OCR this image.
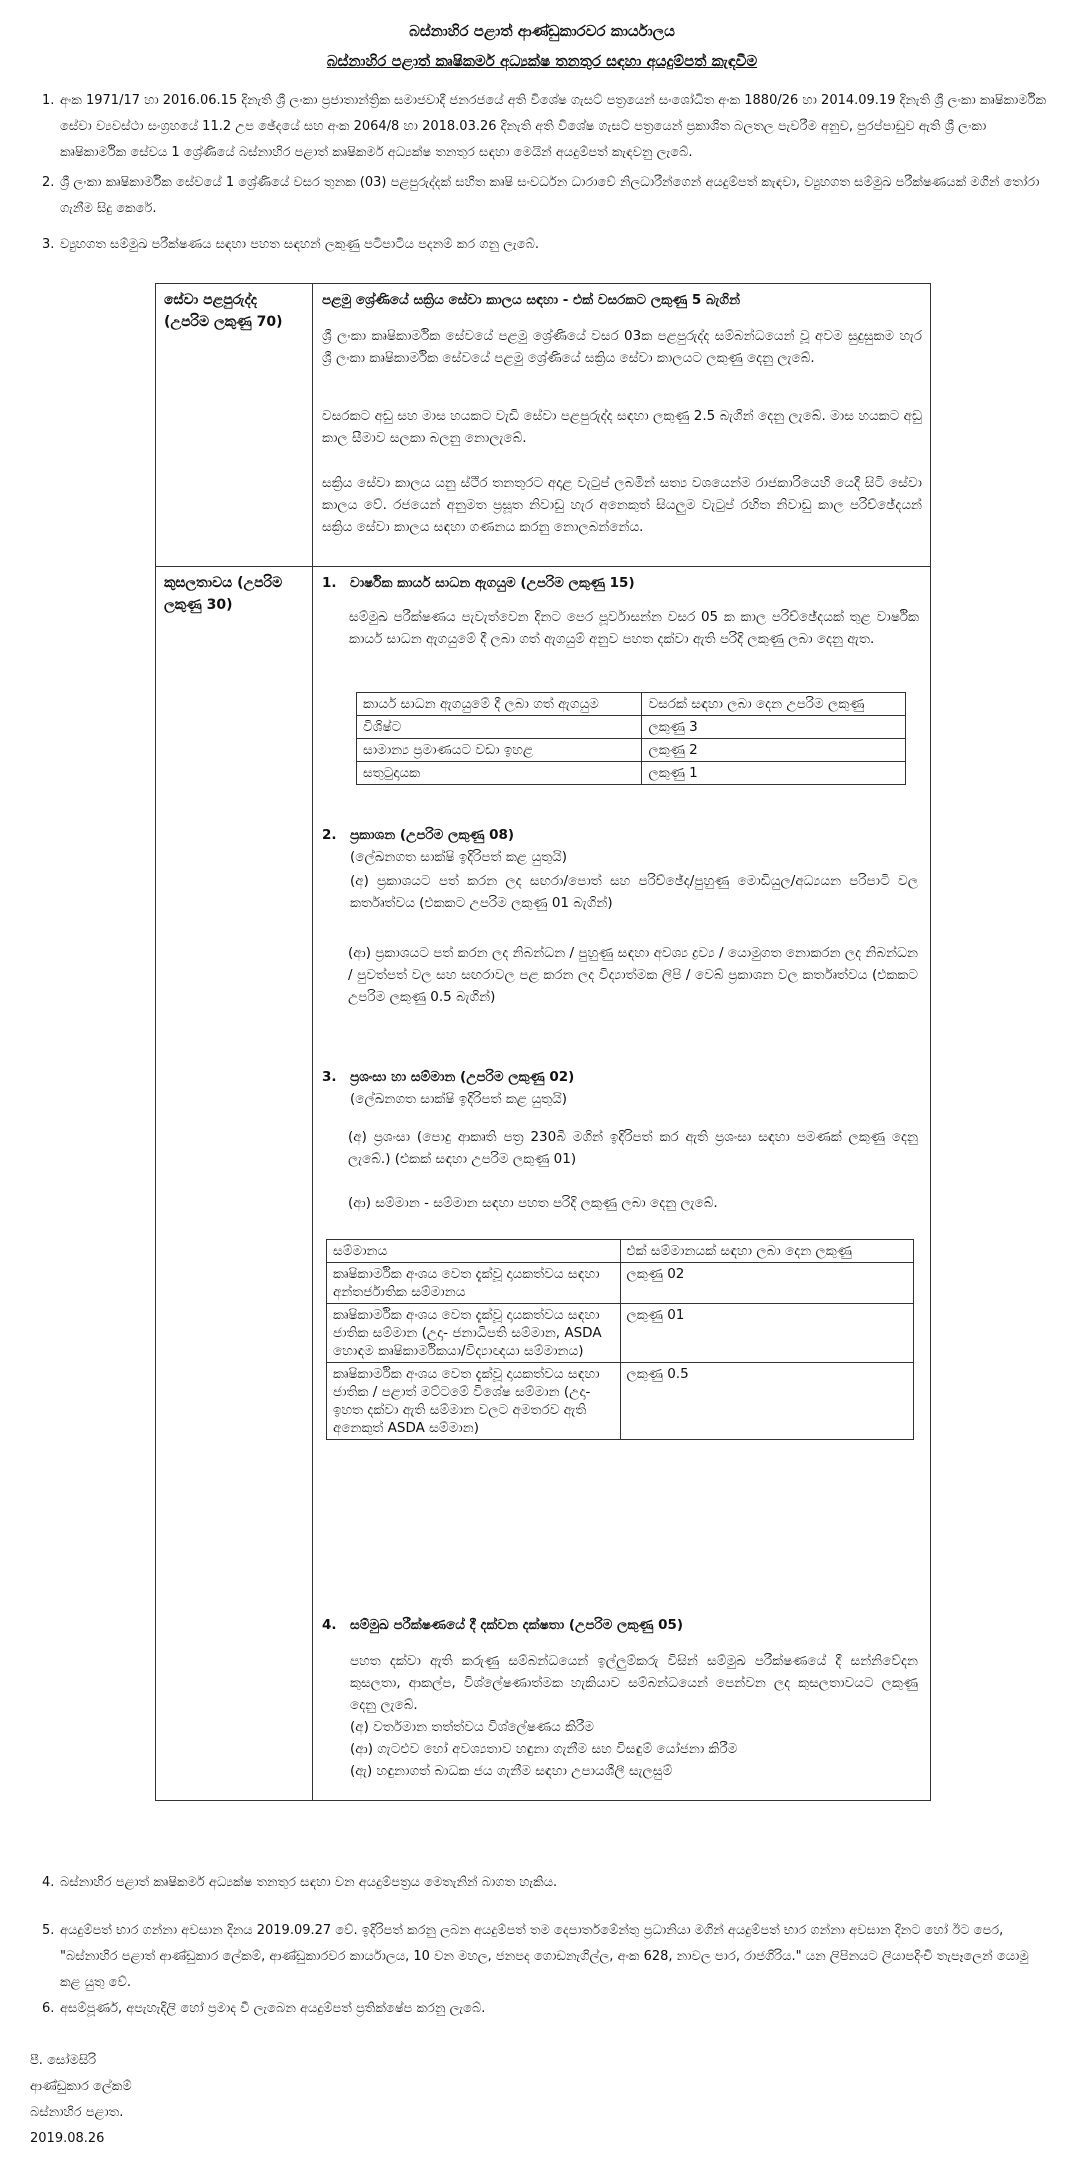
බස්නාහිර පළාත් ආණ්ඩුකාරවර කාර්යාලය
බස්නාහිර පළාත් කෘෂිකර්ම අධ්‍යක්ෂ තනතුර සඳහා අයදුම්පත් කැඳවීම
1. අංක 1971/17 හා 2016.06.15 දිනැති ශ්‍රී ලංකා ප්‍රජාතාන්ත්‍රික සමාජවාදී ජනරජයේ අති විශේෂ ගැසට් පත්‍රයෙන් සංශෝධිත අංක 1880/26 හා 2014.09.19 දිනැති ශ්‍රී ලංකා කෘෂිකාර්මික සේවා ව්‍යවස්ථා සංග්‍රහයේ 11.2 උප ඡේදයේ සහ අංක 2064/8 හා 2018.03.26 දිනැති අති විශේෂ ගැසට් පත්‍රයෙන් ප්‍රකාශිත බලතල පැවරීම අනුව, පුරප්පාඩුව ඇති ශ්‍රී ලංකා කෘෂිකාර්මික සේවය 1 ශ්‍රේණියේ බස්නාහිර පළාත් කෘෂිකර්ම අධ්‍යක්ෂ තනතුර සඳහා මෙයින් අයදුම්පත් කැඳවනු ලැබේ.
2. ශ්‍රී ලංකා කෘෂිකාර්මික සේවයේ 1 ශ්‍රේණියේ වසර තුනක (03) පළපුරුද්දක් සහිත කෘෂි සංවර්ධන ධාරාවේ නිලධාරීන්ගෙන් අයදුම්පත් කැඳවා, ව්‍යුහගත සම්මුඛ පරීක්ෂණයක් මගින් තෝරා ගැනීම සිදු කෙරේ.
3. ව්‍යුහගත සම්මුඛ පරීක්ෂණය සඳහා පහත සඳහන් ලකුණු පටිපාටිය පදනම් කර ගනු ලැබේ.
සේවා පළපුරුද්ද (උපරිම ලකුණු 70)
පළමු ශ්‍රේණියේ සක්‍රිය සේවා කාලය සඳහා - එක් වසරකට ලකුණු 5 බැගින්
ශ්‍රී ලංකා කෘෂිකාර්මික සේවයේ පළමු ශ්‍රේණියේ වසර 03ක පළපුරුද්ද සම්බන්ධයෙන් වූ අවම සුදුසුකම හැර ශ්‍රී ලංකා කෘෂිකාර්මික සේවයේ පළමු ශ්‍රේණියේ සක්‍රිය සේවා කාලයට ලකුණු දෙනු ලැබේ.
වසරකට අඩු සහ මාස හයකට වැඩි සේවා පළපුරුද්ද සඳහා ලකුණු 2.5 බැගින් දෙනු ලැබේ. මාස හයකට අඩු කාල සීමාව සලකා බලනු නොලැබේ.
සක්‍රිය සේවා කාලය යනු ස්ථිර තනතුරට අදාළ වැටුප් ලබමින් සත්‍ය වශයෙන්ම රාජකාරියෙහි යෙදී සිටි සේවා කාලය වේ. රජයෙන් අනුමත ප්‍රසූත නිවාඩු හැර අනෙකුත් සියලුම වැටුප් රහිත නිවාඩු කාල පරිච්ඡේදයන් සක්‍රිය සේවා කාලය සඳහා ගණනය කරනු නොලබන්නේය.
කුසලතාවය (උපරිම ලකුණු 30)
1. වාර්ෂික කාර්ය සාධන ඇගයුම (උපරිම ලකුණු 15)
සම්මුඛ පරීක්ෂණය පැවැත්වෙන දිනට පෙර පූර්වාසන්න වසර 05 ක කාල පරිච්ඡේදයක් තුළ වාර්ෂික කාර්ය සාධන ඇගයුමේ දී ලබා ගත් ඇගයුම් අනුව පහත දක්වා ඇති පරිදි ලකුණු ලබා දෙනු ඇත.
කාර්ය සාධන ඇගයුමේ දී ලබා ගත් ඇගයුම	වසරක් සඳහා ලබා දෙන උපරිම ලකුණු
විශිෂ්ට	ලකුණු 3
සාමාන්‍ය ප්‍රමාණයට වඩා ඉහළ	ලකුණු 2
සතුටුදායක	ලකුණු 1
2. ප්‍රකාශන (උපරිම ලකුණු 08)
(ලේඛනගත සාක්ෂි ඉදිරිපත් කළ යුතුයි)
(අ) ප්‍රකාශයට පත් කරන ලද සඟරා/පොත් සහ පරිච්ඡේද/පුහුණු මොඩියුල/අධ්‍යයන පරිපාටි වල කර්තෘත්වය (එකකට උපරිම ලකුණු 01 බැගින්)
(ආ) ප්‍රකාශයට පත් කරන ලද නිබන්ධන / පුහුණු සඳහා අවශ්‍ය ද්‍රව්‍ය / යොමුගත නොකරන ලද නිබන්ධන / පුවත්පත් වල සහ සඟරාවල පළ කරන ලද විද්‍යාත්මක ලිපි / වෙබ් ප්‍රකාශන වල කර්තෘත්වය (එකකට උපරිම ලකුණු 0.5 බැගින්)
3. ප්‍රශංසා හා සම්මාන (උපරිම ලකුණු 02)
(ලේඛනගත සාක්ෂි ඉදිරිපත් කළ යුතුයි)
(අ) ප්‍රශංසා (පොදු ආකෘති පත්‍ර 230බී මගින් ඉදිරිපත් කර ඇති ප්‍රශංසා සඳහා පමණක් ලකුණු දෙනු ලැබේ.) (එකක් සඳහා උපරිම ලකුණු 01)
(ආ) සම්මාන - සම්මාන සඳහා පහත පරිදි ලකුණු ලබා දෙනු ලැබේ.
සම්මානය	එක් සම්මානයක් සඳහා ලබා දෙන ලකුණු
කෘෂිකාර්මික අංශය වෙත දැක්වූ දායකත්වය සඳහා අන්තර්ජාතික සම්මානය	ලකුණු 02
කෘෂිකාර්මික අංශය වෙත දැක්වූ දායකත්වය සඳහා ජාතික සම්මාන (උදා- ජනාධිපති සම්මාන, ASDA හොඳම කෘෂිකාර්මිකයා/විද්‍යාඥයා සම්මානය)	ලකුණු 01
කෘෂිකාර්මික අංශය වෙත දැක්වූ දායකත්වය සඳහා ජාතික / පළාත් මට්ටමේ විශේෂ සම්මාන (උදා- ඉහත දක්වා ඇති සම්මාන වලට අමතරව ඇති අනෙකුත් ASDA සම්මාන)	ලකුණු 0.5
4. සම්මුඛ පරීක්ෂණයේ දී දක්වන දක්ෂතා (උපරිම ලකුණු 05)
පහත දක්වා ඇති කරුණු සම්බන්ධයෙන් ඉල්ලුම්කරු විසින් සම්මුඛ පරීක්ෂණයේ දී සන්නිවේදන කුසලතා, ආකල්ප, විශ්ලේෂණාත්මක හැකියාව සම්බන්ධයෙන් පෙන්වන ලද කුසලතාවයට ලකුණු දෙනු ලැබේ.
(අ) වර්තමාන තත්ත්වය විශ්ලේෂණය කිරීම
(ආ) ගැටළුව හෝ අවශ්‍යතාව හඳුනා ගැනීම සහ විසඳුම් යෝජනා කිරීම
(ඇ) හඳුනාගත් බාධක ජය ගැනීම සඳහා උපායශීලී සැලසුම්
4. බස්නාහිර පළාත් කෘෂිකර්ම අධ්‍යක්ෂ තනතුර සඳහා වන අයදුම්පත්‍රය මෙතැනින් බාගත හැකිය.
5. අයදුම්පත් භාර ගන්නා අවසාන දිනය 2019.09.27 වේ. ඉදිරිපත් කරනු ලබන අයදුම්පත් තම දෙපාර්තමේන්තු ප්‍රධානියා මගින් අයදුම්පත් භාර ගන්නා අවසාන දිනට හෝ ඊට පෙර, "බස්නාහිර පළාත් ආණ්ඩුකාර ලේකම්, ආණ්ඩුකාරවර කාර්යාලය, 10 වන මහල, ජනපද ගොඩනැගිල්ල, අංක 628, නාවල පාර, රාජගිරිය." යන ලිපිනයට ලියාපදිංචි තැපෑලෙන් යොමු කළ යුතු වේ.
6. අසම්පූර්ණ, අපැහැදිලි හෝ ප්‍රමාද වී ලැබෙන අයදුම්පත් ප්‍රතික්ෂේප කරනු ලැබේ.
පී. සෝමසිරි
ආණ්ඩුකාර ලේකම්
බස්නාහිර පළාත.
2019.08.26
